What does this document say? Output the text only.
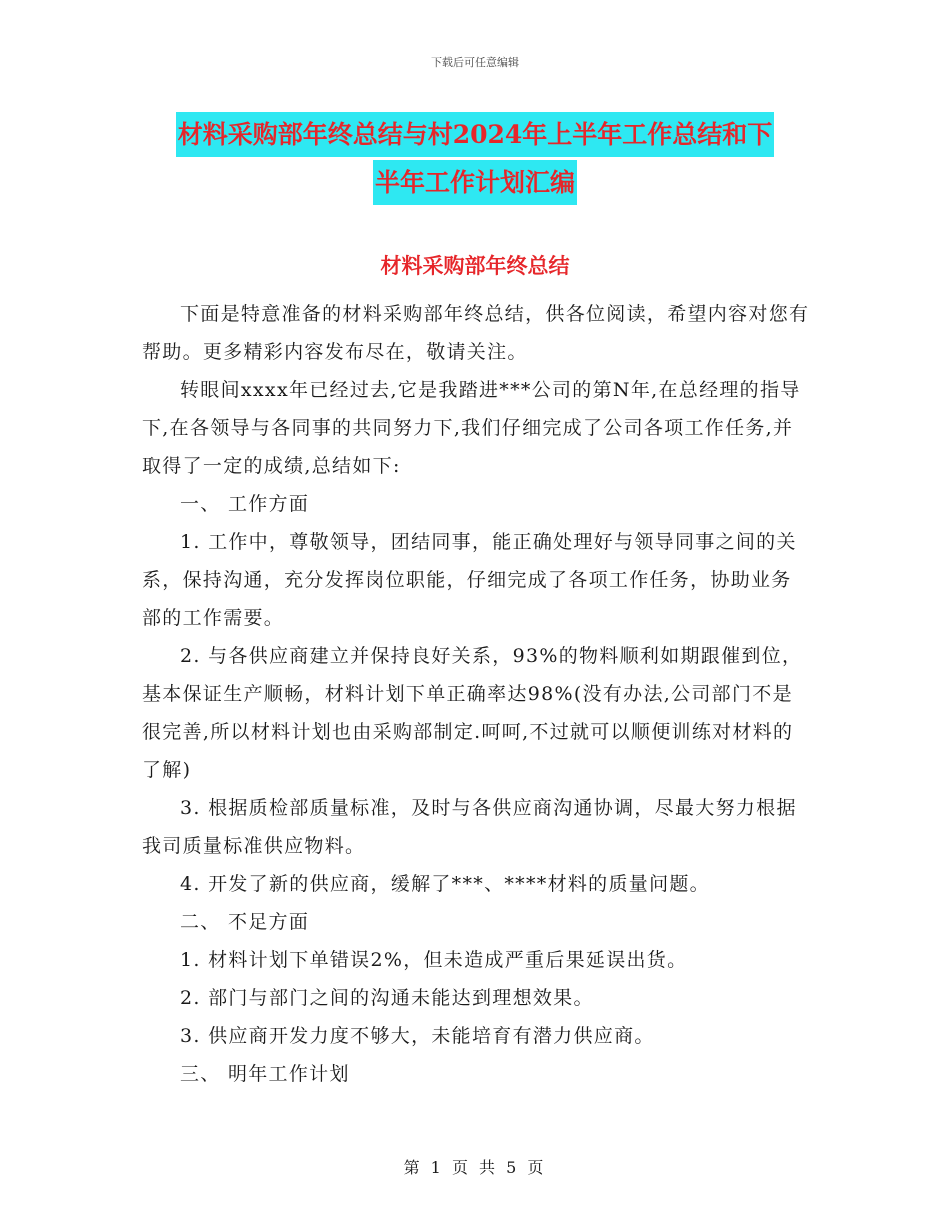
下载后可任意编辑
材料采购部年终总结与村2024年上半年工作总结和下
半年工作计划汇编
材料采购部年终总结

下面是特意准备的材料采购部年终总结，供各位阅读，希望内容对您有帮助。更多精彩内容发布尽在，敬请关注。

转眼间xxxx年已经过去,它是我踏进***公司的第N年,在总经理的指导下,在各领导与各同事的共同努力下,我们仔细完成了公司各项工作任务,并取得了一定的成绩,总结如下:

一、 工作方面

1. 工作中，尊敬领导，团结同事，能正确处理好与领导同事之间的关系，保持沟通，充分发挥岗位职能，仔细完成了各项工作任务，协助业务部的工作需要。

2. 与各供应商建立并保持良好关系，93%的物料顺利如期跟催到位，基本保证生产顺畅，材料计划下单正确率达98%(没有办法,公司部门不是很完善,所以材料计划也由采购部制定.呵呵,不过就可以顺便训练对材料的了解)

3. 根据质检部质量标准，及时与各供应商沟通协调，尽最大努力根据我司质量标准供应物料。

4. 开发了新的供应商，缓解了***、****材料的质量问题。

二、 不足方面

1. 材料计划下单错误2%，但未造成严重后果延误出货。

2. 部门与部门之间的沟通未能达到理想效果。

3. 供应商开发力度不够大，未能培育有潜力供应商。

三、 明年工作计划

第 1 页 共 5 页
